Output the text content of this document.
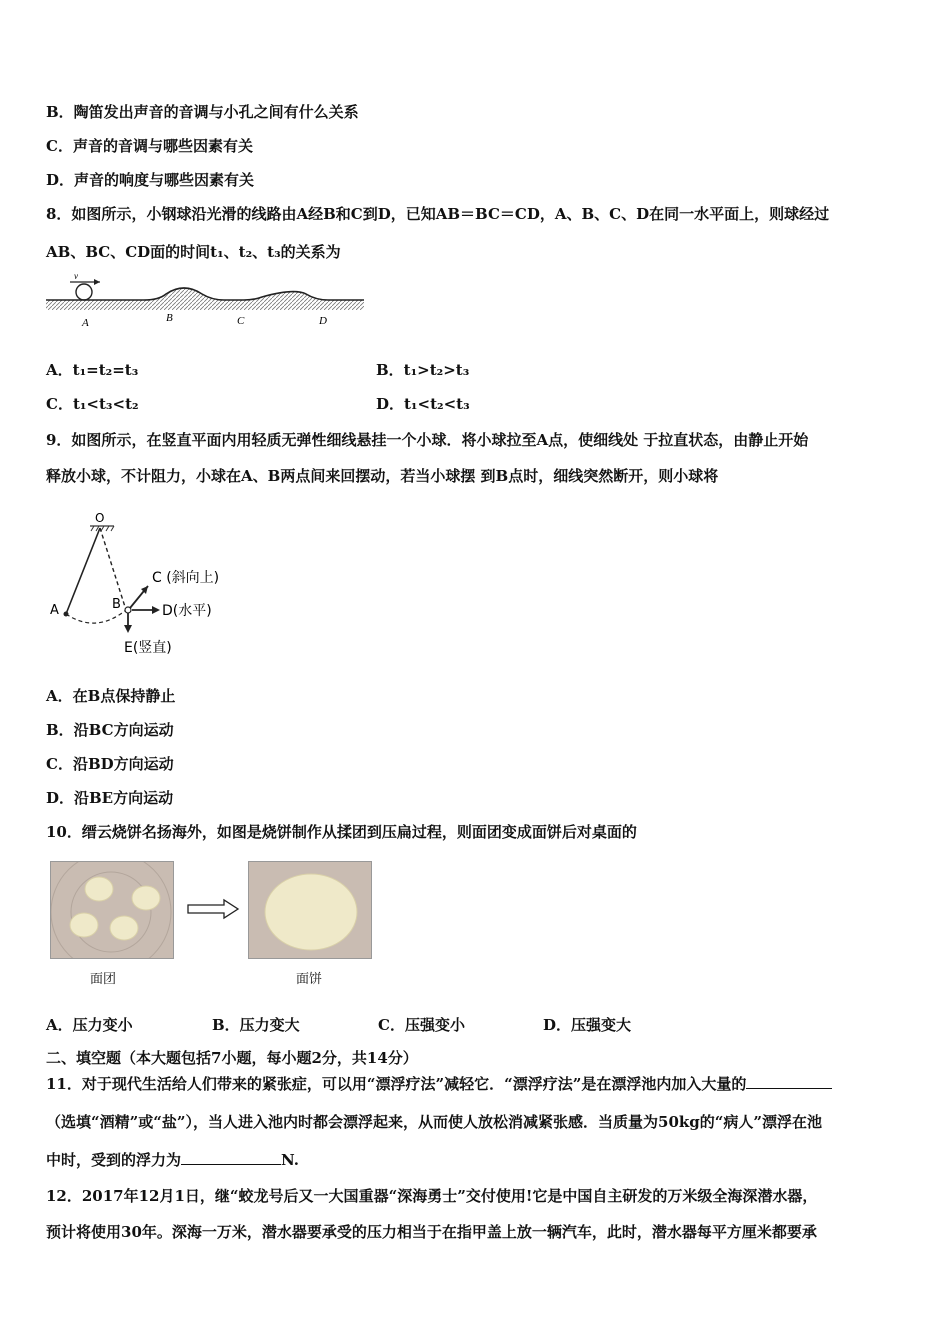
B．陶笛发出声音的音调与小孔之间有什么关系
C．声音的音调与哪些因素有关
D．声音的响度与哪些因素有关
8．如图所示，小钢球沿光滑的线路由A经B和C到D，已知AB＝BC＝CD，A、B、C、D在同一水平面上，则球经过
AB、BC、CD面的时间t₁、t₂、t₃的关系为
v
A	B	C	D
A．t₁=t₂=t₃	B．t₁>t₂>t₃
C．t₁<t₃<t₂	D．t₁<t₂<t₃
9．如图所示，在竖直平面内用轻质无弹性细线悬挂一个小球．将小球拉至A点，使细线处 于拉直状态，由静止开始
释放小球，不计阻力，小球在A、B两点间来回摆动，若当小球摆 到B点时，细线突然断开，则小球将
O
A	B
C (斜向上)
D(水平)
E(竖直)
A．在B点保持静止
B．沿BC方向运动
C．沿BD方向运动
D．沿BE方向运动
10．缙云烧饼名扬海外，如图是烧饼制作从揉团到压扁过程，则面团变成面饼后对桌面的
面团	面饼
A．压力变小	B．压力变大	C．压强变小	D．压强变大
二、填空题（本大题包括7小题，每小题2分，共14分）
11．对于现代生活给人们带来的紧张症，可以用“漂浮疗法”减轻它．“漂浮疗法”是在漂浮池内加入大量的
（选填“酒精”或“盐”），当人进入池内时都会漂浮起来，从而使人放松消减紧张感．当质量为50kg的“病人”漂浮在池
中时，受到的浮力为	N.
12．2017年12月1日，继“蛟龙号后又一大国重器“深海勇士”交付使用!它是中国自主研发的万米级全海深潜水器，
预计将使用30年。深海一万米，潜水器要承受的压力相当于在指甲盖上放一辆汽车，此时，潜水器每平方厘米都要承
